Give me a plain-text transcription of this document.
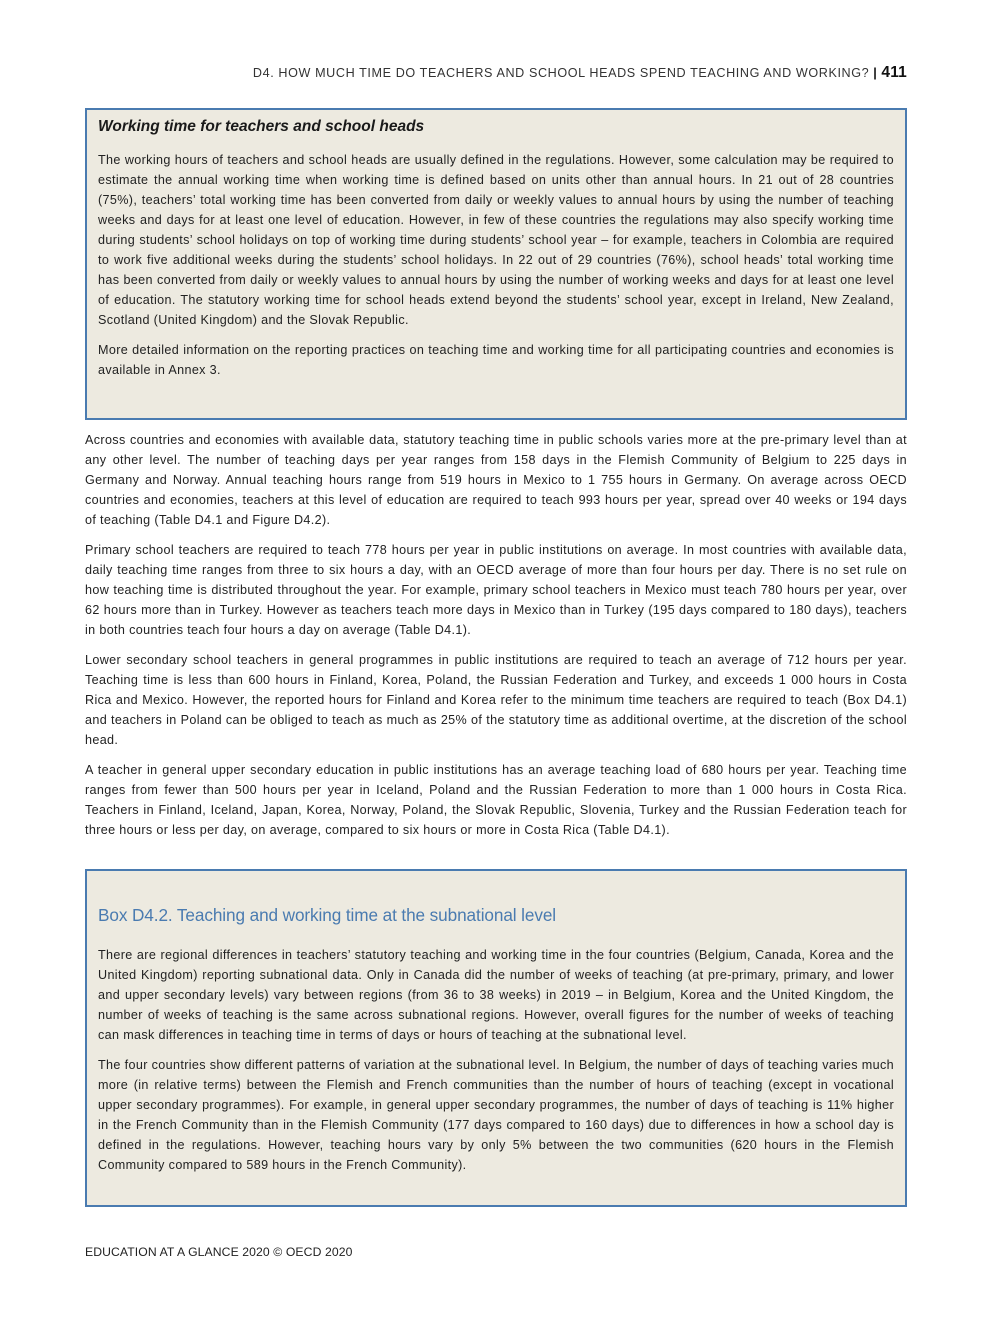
D4. HOW MUCH TIME DO TEACHERS AND SCHOOL HEADS SPEND TEACHING AND WORKING? | 411
Working time for teachers and school heads

The working hours of teachers and school heads are usually defined in the regulations. However, some calculation may be required to estimate the annual working time when working time is defined based on units other than annual hours. In 21 out of 28 countries (75%), teachers’ total working time has been converted from daily or weekly values to annual hours by using the number of teaching weeks and days for at least one level of education. However, in few of these countries the regulations may also specify working time during students’ school holidays on top of working time during students’ school year – for example, teachers in Colombia are required to work five additional weeks during the students’ school holidays. In 22 out of 29 countries (76%), school heads’ total working time has been converted from daily or weekly values to annual hours by using the number of working weeks and days for at least one level of education. The statutory working time for school heads extend beyond the students’ school year, except in Ireland, New Zealand, Scotland (United Kingdom) and the Slovak Republic.

More detailed information on the reporting practices on teaching time and working time for all participating countries and economies is available in Annex 3.

Across countries and economies with available data, statutory teaching time in public schools varies more at the pre-primary level than at any other level. The number of teaching days per year ranges from 158 days in the Flemish Community of Belgium to 225 days in Germany and Norway. Annual teaching hours range from 519 hours in Mexico to 1 755 hours in Germany. On average across OECD countries and economies, teachers at this level of education are required to teach 993 hours per year, spread over 40 weeks or 194 days of teaching (Table D4.1 and Figure D4.2).

Primary school teachers are required to teach 778 hours per year in public institutions on average. In most countries with available data, daily teaching time ranges from three to six hours a day, with an OECD average of more than four hours per day. There is no set rule on how teaching time is distributed throughout the year. For example, primary school teachers in Mexico must teach 780 hours per year, over 62 hours more than in Turkey. However as teachers teach more days in Mexico than in Turkey (195 days compared to 180 days), teachers in both countries teach four hours a day on average (Table D4.1).

Lower secondary school teachers in general programmes in public institutions are required to teach an average of 712 hours per year. Teaching time is less than 600 hours in Finland, Korea, Poland, the Russian Federation and Turkey, and exceeds 1 000 hours in Costa Rica and Mexico. However, the reported hours for Finland and Korea refer to the minimum time teachers are required to teach (Box D4.1) and teachers in Poland can be obliged to teach as much as 25% of the statutory time as additional overtime, at the discretion of the school head.

A teacher in general upper secondary education in public institutions has an average teaching load of 680 hours per year. Teaching time ranges from fewer than 500 hours per year in Iceland, Poland and the Russian Federation to more than 1 000 hours in Costa Rica. Teachers in Finland, Iceland, Japan, Korea, Norway, Poland, the Slovak Republic, Slovenia, Turkey and the Russian Federation teach for three hours or less per day, on average, compared to six hours or more in Costa Rica (Table D4.1).

Box D4.2. Teaching and working time at the subnational level

There are regional differences in teachers’ statutory teaching and working time in the four countries (Belgium, Canada, Korea and the United Kingdom) reporting subnational data. Only in Canada did the number of weeks of teaching (at pre-primary, primary, and lower and upper secondary levels) vary between regions (from 36 to 38 weeks) in 2019 – in Belgium, Korea and the United Kingdom, the number of weeks of teaching is the same across subnational regions. However, overall figures for the number of weeks of teaching can mask differences in teaching time in terms of days or hours of teaching at the subnational level.

The four countries show different patterns of variation at the subnational level. In Belgium, the number of days of teaching varies much more (in relative terms) between the Flemish and French communities than the number of hours of teaching (except in vocational upper secondary programmes). For example, in general upper secondary programmes, the number of days of teaching is 11% higher in the French Community than in the Flemish Community (177 days compared to 160 days) due to differences in how a school day is defined in the regulations. However, teaching hours vary by only 5% between the two communities (620 hours in the Flemish Community compared to 589 hours in the French Community).

EDUCATION AT A GLANCE 2020 © OECD 2020
